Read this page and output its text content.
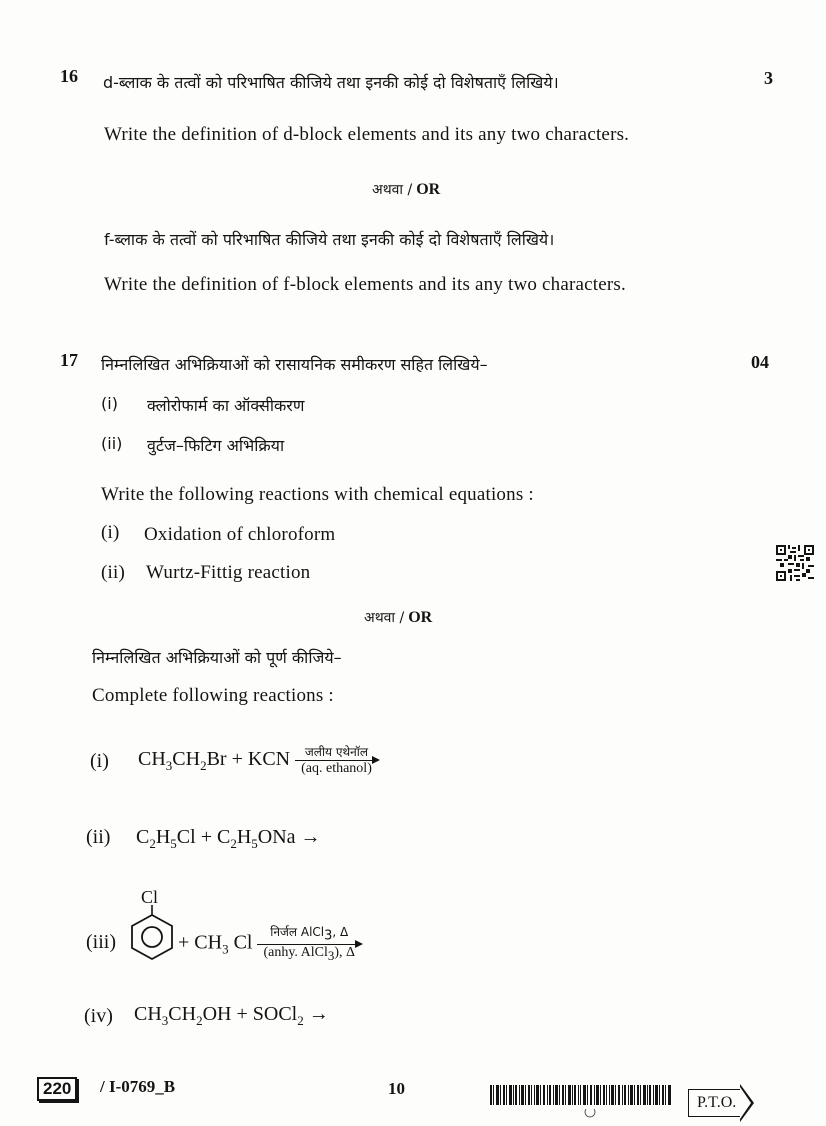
16 d-ब्लाक के तत्वों को परिभाषित कीजिये तथा इनकी कोई दो विशेषताएँ लिखिये।	3
Write the definition of d-block elements and its any two characters.
अथवा / OR
f-ब्लाक के तत्वों को परिभाषित कीजिये तथा इनकी कोई दो विशेषताएँ लिखिये।
Write the definition of f-block elements and its any two characters.
17 निम्नलिखित अभिक्रियाओं को रासायनिक समीकरण सहित लिखिये–	04
(i) क्लोरोफार्म का ऑक्सीकरण
(ii) वुर्टज–फिटिग अभिक्रिया
Write the following reactions with chemical equations :
(i) Oxidation of chloroform
(ii) Wurtz-Fittig reaction
अथवा / OR
निम्नलिखित अभिक्रियाओं को पूर्ण कीजिये–
Complete following reactions :
(i) $CH_3CH_2Br$ + KCN जलीय एथेनॉल
(aq. ethanol)
(ii) $C_2H_5Cl + C_2H_5ONa$ →
(iii)
Cl
+ $CH_3$ Cl	निर्जल AlCl$_3$, Δ
(anhy. AlCl$_3$), Δ
(iv) $CH_3CH_2OH$ + SOCl$_2$ →
220	/ I-0769_B	10
P.T.O.
